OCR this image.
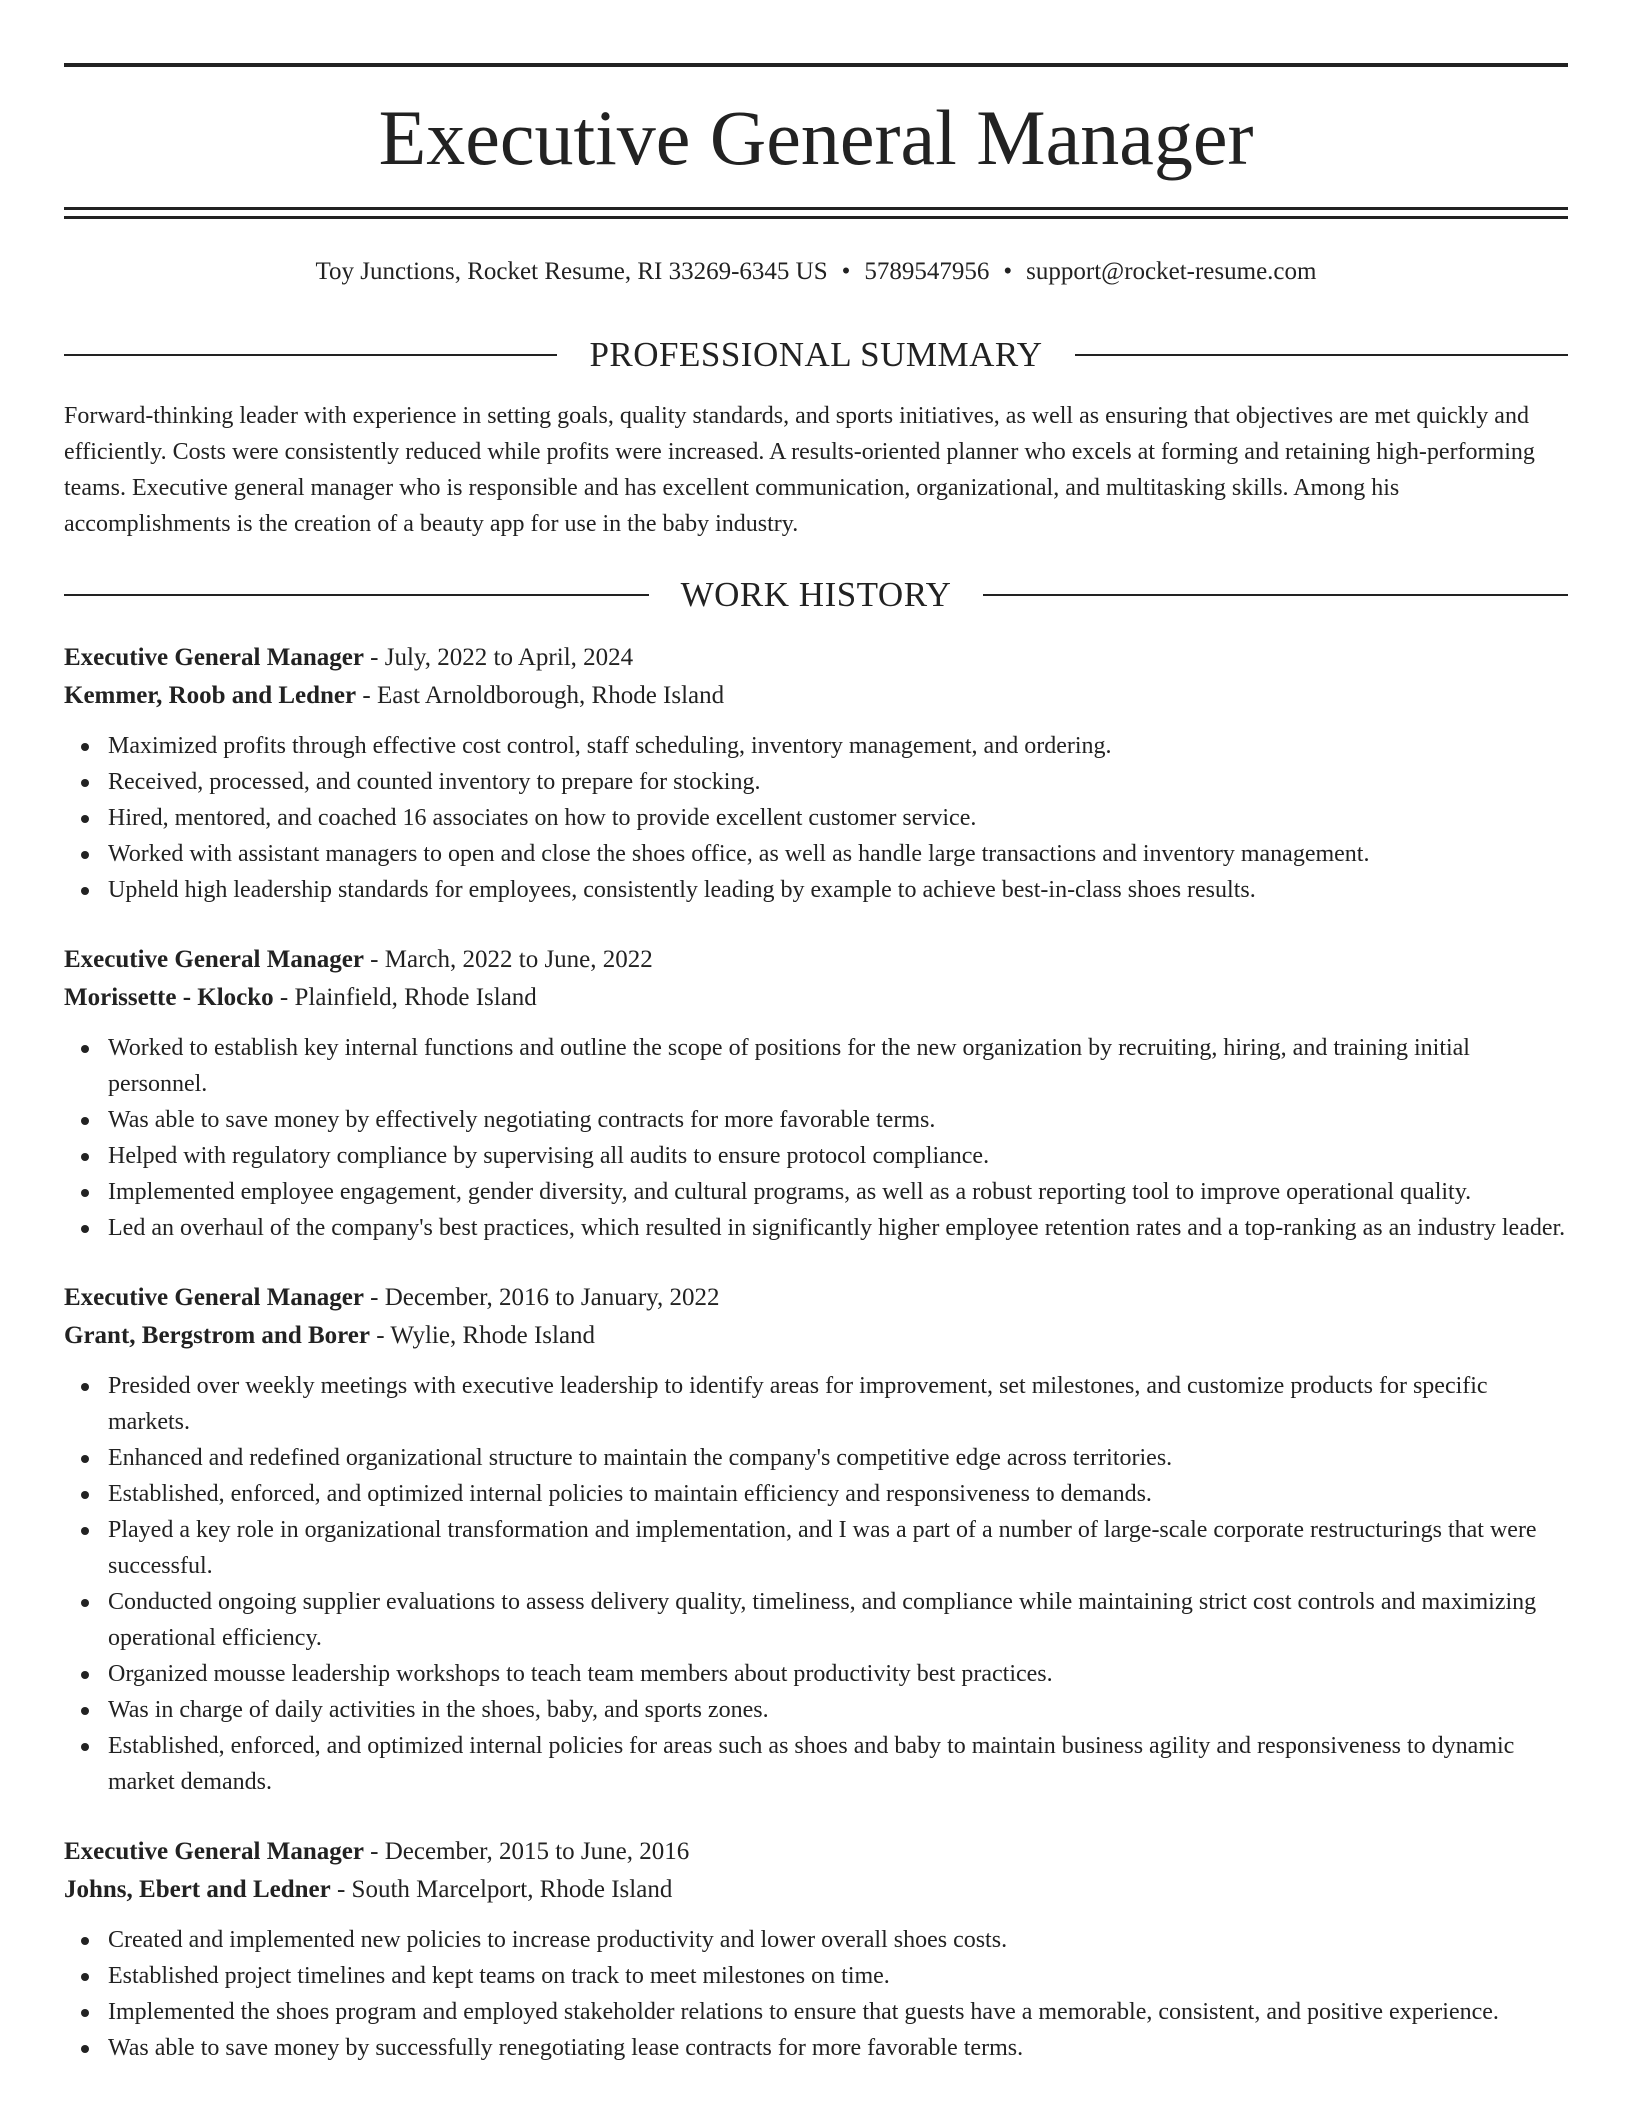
Executive General Manager
Toy Junctions, Rocket Resume, RI 33269-6345 US • 5789547956 • support@rocket-resume.com
PROFESSIONAL SUMMARY

Forward-thinking leader with experience in setting goals, quality standards, and sports initiatives, as well as ensuring that objectives are met quickly and efficiently. Costs were consistently reduced while profits were increased. A results-oriented planner who excels at forming and retaining high-performing teams. Executive general manager who is responsible and has excellent communication, organizational, and multitasking skills. Among his accomplishments is the creation of a beauty app for use in the baby industry.

WORK HISTORY

Executive General Manager - July, 2022 to April, 2024

Kemmer, Roob and Ledner - East Arnoldborough, Rhode Island

Maximized profits through effective cost control, staff scheduling, inventory management, and ordering.
Received, processed, and counted inventory to prepare for stocking.
Hired, mentored, and coached 16 associates on how to provide excellent customer service.
Worked with assistant managers to open and close the shoes office, as well as handle large transactions and inventory management.
Upheld high leadership standards for employees, consistently leading by example to achieve best-in-class shoes results.

Executive General Manager - March, 2022 to June, 2022

Morissette - Klocko - Plainfield, Rhode Island

Worked to establish key internal functions and outline the scope of positions for the new organization by recruiting, hiring, and training initial personnel.
Was able to save money by effectively negotiating contracts for more favorable terms.
Helped with regulatory compliance by supervising all audits to ensure protocol compliance.
Implemented employee engagement, gender diversity, and cultural programs, as well as a robust reporting tool to improve operational quality.
Led an overhaul of the company's best practices, which resulted in significantly higher employee retention rates and a top-ranking as an industry leader.

Executive General Manager - December, 2016 to January, 2022

Grant, Bergstrom and Borer - Wylie, Rhode Island

Presided over weekly meetings with executive leadership to identify areas for improvement, set milestones, and customize products for specific markets.
Enhanced and redefined organizational structure to maintain the company's competitive edge across territories.
Established, enforced, and optimized internal policies to maintain efficiency and responsiveness to demands.
Played a key role in organizational transformation and implementation, and I was a part of a number of large-scale corporate restructurings that were successful.
Conducted ongoing supplier evaluations to assess delivery quality, timeliness, and compliance while maintaining strict cost controls and maximizing operational efficiency.
Organized mousse leadership workshops to teach team members about productivity best practices.
Was in charge of daily activities in the shoes, baby, and sports zones.
Established, enforced, and optimized internal policies for areas such as shoes and baby to maintain business agility and responsiveness to dynamic market demands.

Executive General Manager - December, 2015 to June, 2016

Johns, Ebert and Ledner - South Marcelport, Rhode Island

Created and implemented new policies to increase productivity and lower overall shoes costs.
Established project timelines and kept teams on track to meet milestones on time.
Implemented the shoes program and employed stakeholder relations to ensure that guests have a memorable, consistent, and positive experience.
Was able to save money by successfully renegotiating lease contracts for more favorable terms.
